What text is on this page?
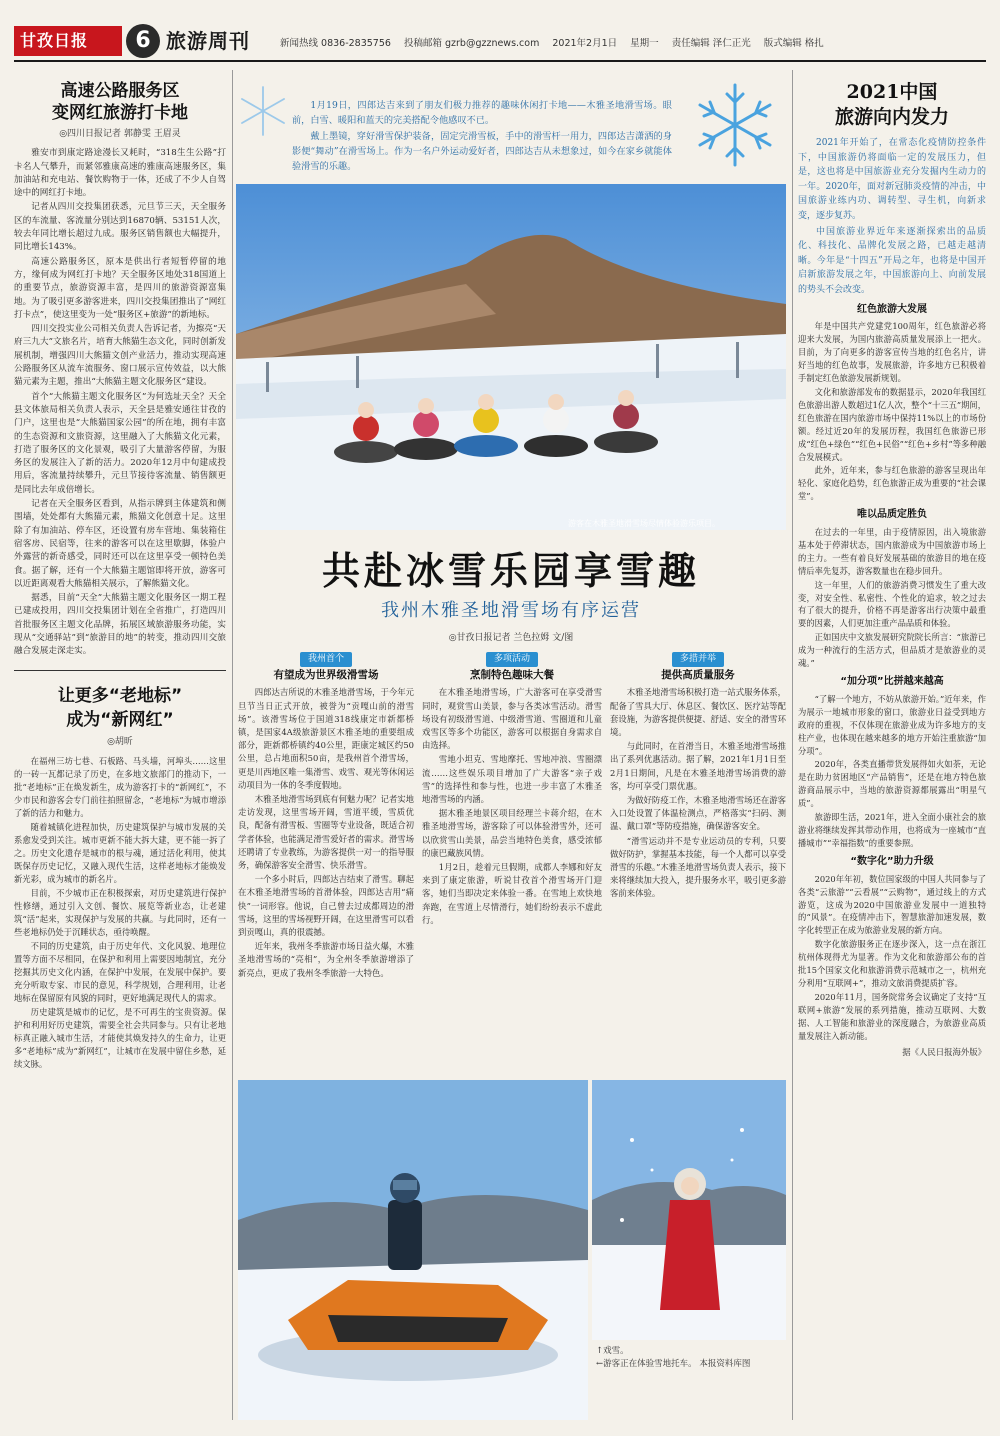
甘孜日报	6 旅游周刊	新闻热线 0836-2835756 投稿邮箱 gzrb@gzznews.com 2021年2月1日 星期一 责任编辑 泽仁正光 版式编辑 格扎
高速公路服务区
变网红旅游打卡地
◎四川日报记者 郭静雯 王眉灵

雅安市到康定路途漫长又耗时，“318生生公路”打卡名人气攀升，而紧邻雅康高速的雅康高速服务区，集加油站和充电站、餐饮购物于一体，还成了不少人自驾途中的网红打卡地。

记者从四川交投集团获悉，元旦节三天，天全服务区的车流量、客流量分别达到16870辆、53151人次，较去年同比增长超过九成。服务区销售额也大幅提升，同比增长143%。

高速公路服务区，原本是供出行者短暂停留的地方，缘何成为网红打卡地？天全服务区地处318国道上的重要节点，旅游资源丰富，是四川的旅游资源富集地。为了吸引更多游客进来，四川交投集团推出了“网红打卡点”，使这里变为一处“服务区+旅游”的新地标。

四川交投实业公司相关负责人告诉记者，为擦亮“天府三九大”文旅名片，培育大熊猫生态文化，同时创新发展机制，增强四川大熊猫文创产业活力，推动实现高速公路服务区从流车流服务、窗口展示宣传效益，以大熊猫元素为主题，推出“大熊猫主题文化服务区”建设。

首个“大熊猫主题文化服务区”为何选址天全？天全县文体旅局相关负责人表示，天全县是雅安通往甘孜的门户，这里也是“大熊猫国家公园”的所在地，拥有丰富的生态资源和文旅资源，这里融入了大熊猫文化元素，打造了服务区的文化景观，吸引了大量游客停留，为服务区的发展注入了新的活力。2020年12月中旬建成投用后，客流量持续攀升，元旦节接待客流量、销售额更是同比去年成倍增长。

记者在天全服务区看到，从指示牌到主体建筑和侧围墙，处处都有大熊猫元素，熊猫文化创意十足。这里除了有加油站、停车区，还设置有房车营地、集装箱住宿客房、民宿等，往来的游客可以在这里歇脚，体验户外露营的新奇感受，同时还可以在这里享受一顿特色美食。据了解，还有一个大熊猫主题馆即将开放，游客可以近距离观看大熊猫相关展示，了解熊猫文化。

据悉，目前“天全”大熊猫主题文化服务区一期工程已建成投用，四川交投集团计划在全省推广，打造四川首批服务区主题文化品牌，拓展区域旅游服务功能，实现从“交通驿站”到“旅游目的地”的转变，推动四川交旅融合发展走深走实。

让更多“老地标”
成为“新网红”
◎胡昕

在福州三坊七巷、石板路、马头墙，河埠头……这里的一砖一瓦都记录了历史，在多地文旅部门的推动下，一批“老地标”正在焕发新生，成为游客打卡的“新网红”，不少市民和游客会专门前往拍照留念，“老地标”为城市增添了新的活力和魅力。

随着城镇化进程加快，历史建筑保护与城市发展的关系愈发受到关注。城市更新不能大拆大建，更不能一拆了之。历史文化遗存是城市的根与魂，通过活化利用，使其既保存历史记忆，又融入现代生活，这样老地标才能焕发新光彩，成为城市的新名片。

目前，不少城市正在积极探索，对历史建筑进行保护性修缮，通过引入文创、餐饮、展览等新业态，让老建筑“活”起来，实现保护与发展的共赢。与此同时，还有一些老地标仍处于沉睡状态，亟待唤醒。

不同的历史建筑，由于历史年代、文化风貌、地理位置等方面不尽相同，在保护和利用上需要因地制宜，充分挖掘其历史文化内涵，在保护中发展，在发展中保护。要充分听取专家、市民的意见，科学规划，合理利用，让老地标在保留原有风貌的同时，更好地满足现代人的需求。

历史建筑是城市的记忆，是不可再生的宝贵资源。保护和利用好历史建筑，需要全社会共同参与。只有让老地标真正融入城市生活，才能使其焕发持久的生命力，让更多“老地标”成为“新网红”，让城市在发展中留住乡愁，延续文脉。

1月19日，四郎达吉来到了朋友们极力推荐的趣味休闲打卡地——木雅圣地滑雪场。眼前，白雪、暖阳和蓝天的完美搭配令他感叹不已。

戴上墨镜，穿好滑雪保护装备，固定完滑雪板，手中的滑雪杆一用力，四郎达吉潇洒的身影便“舞动”在滑雪场上。作为一名户外运动爱好者，四郎达吉从未想象过，如今在家乡就能体验滑雪的乐趣。

游客在木雅圣地滑雪场尽情体验游乐项目。
共赴冰雪乐园享雪趣
我州木雅圣地滑雪场有序运营
◎甘孜日报记者 兰色拉姆 文/图
我州首个
有望成为世界级滑雪场

四郎达吉所说的木雅圣地滑雪场，于今年元旦节当日正式开放，被誉为“贡嘎山前的滑雪场”。该滑雪场位于国道318线康定市新都桥镇，是国家4A级旅游景区木雅圣地的重要组成部分，距新都桥镇约40公里，距康定城区约50公里，总占地面积50亩，是我州首个滑雪场，更是川西地区唯一集滑雪、戏雪、观光等休闲运动项目为一体的冬季度假地。

木雅圣地滑雪场到底有何魅力呢？记者实地走访发现，这里雪场开阔，雪道平缓，雪质优良，配备有滑雪板、雪圈等专业设备，既适合初学者体验，也能满足滑雪爱好者的需求。滑雪场还聘请了专业教练，为游客提供一对一的指导服务，确保游客安全滑雪、快乐滑雪。

一个多小时后，四郎达吉结束了滑雪。聊起在木雅圣地滑雪场的首滑体验，四郎达吉用“痛快”一词形容。他说，自己曾去过成都周边的滑雪场，这里的雪场视野开阔，在这里滑雪可以看到贡嘎山，真的很震撼。

近年来，我州冬季旅游市场日益火爆，木雅圣地滑雪场的“亮相”，为全州冬季旅游增添了新亮点，更成了我州冬季旅游一大特色。

多项活动
烹制特色趣味大餐

在木雅圣地滑雪场，广大游客可在享受滑雪同时，观赏雪山美景，参与各类冰雪活动。滑雪场设有初级滑雪道、中级滑雪道、雪圈道和儿童戏雪区等多个功能区，游客可以根据自身需求自由选择。

雪地小坦克、雪地摩托、雪地冲浪、雪圈漂流……这些娱乐项目增加了广大游客“亲子戏雪”的选择性和参与性，也进一步丰富了木雅圣地滑雪场的内涵。

据木雅圣地景区项目经理兰卡蒋介绍，在木雅圣地滑雪场，游客除了可以体验滑雪外，还可以欣赏雪山美景，品尝当地特色美食，感受浓郁的康巴藏族风情。

1月2日，趁着元旦假期，成都人李娜和好友来到了康定旅游，听说甘孜首个滑雪场开门迎客，她们当即决定来体验一番。在雪地上欢快地奔跑，在雪道上尽情滑行，她们纷纷表示不虚此行。

多措并举
提供高质量服务

木雅圣地滑雪场积极打造一站式服务体系，配备了雪具大厅、休息区、餐饮区、医疗站等配套设施，为游客提供便捷、舒适、安全的滑雪环境。

与此同时，在首滑当日，木雅圣地滑雪场推出了系列优惠活动。据了解，2021年1月1日至2月1日期间，凡是在木雅圣地滑雪场消费的游客，均可享受门票优惠。

为做好防疫工作，木雅圣地滑雪场还在游客入口处设置了体温检测点，严格落实“扫码、测温、戴口罩”等防疫措施，确保游客安全。

“滑雪运动并不是专业运动员的专利，只要做好防护，掌握基本技能，每一个人都可以享受滑雪的乐趣。”木雅圣地滑雪场负责人表示，接下来将继续加大投入，提升服务水平，吸引更多游客前来体验。

↑戏雪。
←游客正在体验雪地托车。 本报资料库图
2021中国
旅游向内发力

2021年开始了，在常态化疫情防控条件下，中国旅游仍将面临一定的发展压力，但是，这也将是中国旅游业充分发掘内生动力的一年。2020年，面对新冠肺炎疫情的冲击，中国旅游业练内功、调转型、寻生机，向新求变，逐步复苏。

中国旅游业界近年来逐渐探索出的品质化、科技化、品牌化发展之路，已越走越清晰。今年是“十四五”开局之年，也将是中国开启新旅游发展之年，中国旅游向上、向前发展的势头不会改变。

红色旅游大发展

年是中国共产党建党100周年，红色旅游必将迎来大发展，为国内旅游高质量发展添上一把火。目前，为了向更多的游客宣传当地的红色名片，讲好当地的红色故事，发展旅游，许多地方已积极着手制定红色旅游发展新规划。

文化和旅游部发布的数据显示，2020年我国红色旅游出游人数超过1亿人次，整个“十三五”期间，红色旅游在国内旅游市场中保持11%以上的市场份额。经过近20年的发展历程，我国红色旅游已形成“红色+绿色”“红色+民俗”“红色+乡村”等多种融合发展模式。

此外，近年来，参与红色旅游的游客呈现出年轻化、家庭化趋势，红色旅游正成为重要的“社会课堂”。

唯以品质定胜负

在过去的一年里，由于疫情原因，出入境旅游基本处于停滞状态，国内旅游成为中国旅游市场上的主力。一些有着良好发展基础的旅游目的地在疫情后率先复苏，游客数量也在稳步回升。

这一年里，人们的旅游消费习惯发生了重大改变，对安全性、私密性、个性化的追求，较之过去有了很大的提升，价格不再是游客出行决策中最重要的因素，人们更加注重产品品质和体验。

正如国庆中文旅发展研究院院长所言：“旅游已成为一种流行的生活方式，但品质才是旅游业的灵魂。”

“加分项”比拼越来越高

“了解一个地方，不妨从旅游开始。”近年来，作为展示一地城市形象的窗口，旅游业日益受到地方政府的重视，不仅体现在旅游业成为许多地方的支柱产业，也体现在越来越多的地方开始注重旅游“加分项”。

2020年，各类直播带货发展得如火如荼，无论是在助力贫困地区“产品销售”，还是在地方特色旅游商品展示中，当地的旅游资源都展露出“明星气质”。

旅游即生活，2021年，进入全面小康社会的旅游业将继续发挥其带动作用，也将成为一座城市“直播城市”“幸福指数”的重要参照。

“数字化”助力升级

2020年年初，数位国家级的中国人共同参与了各类“云旅游”“云看展”“云购物”，通过线上的方式游览，这成为2020中国旅游业发展中一道独特的“风景”。在疫情冲击下，智慧旅游加速发展，数字化转型正在成为旅游业发展的新方向。

数字化旅游服务正在逐步深入，这一点在浙江杭州体现得尤为显著。作为文化和旅游部公布的首批15个国家文化和旅游消费示范城市之一，杭州充分利用“互联网+”，推动文旅消费提质扩容。

2020年11月，国务院常务会议确定了支持“互联网+旅游”发展的系列措施，推动互联网、大数据、人工智能和旅游业的深度融合，为旅游业高质量发展注入新动能。

据《人民日报海外版》
